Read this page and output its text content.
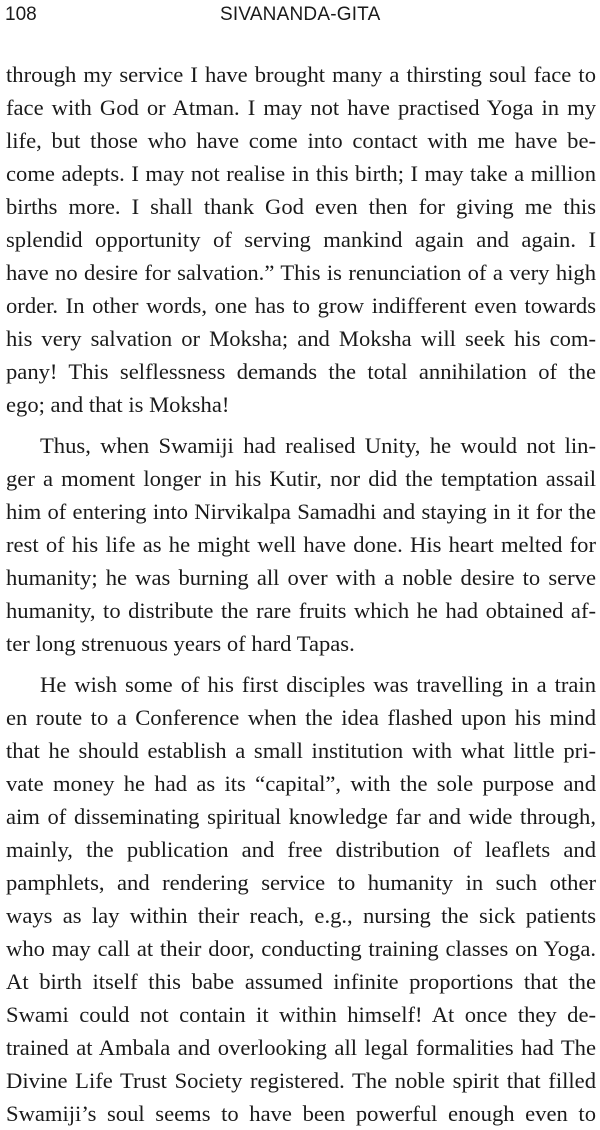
108	SIVANANDA-GITA
through my service I have brought many a thirsting soul face to
face with God or Atman. I may not have practised Yoga in my
life, but those who have come into contact with me have be-
come adepts. I may not realise in this birth; I may take a million
births more. I shall thank God even then for giving me this
splendid opportunity of serving mankind again and again. I
have no desire for salvation.” This is renunciation of a very high
order. In other words, one has to grow indifferent even towards
his very salvation or Moksha; and Moksha will seek his com-
pany! This selflessness demands the total annihilation of the
ego; and that is Moksha!
Thus, when Swamiji had realised Unity, he would not lin-
ger a moment longer in his Kutir, nor did the temptation assail
him of entering into Nirvikalpa Samadhi and staying in it for the
rest of his life as he might well have done. His heart melted for
humanity; he was burning all over with a noble desire to serve
humanity, to distribute the rare fruits which he had obtained af-
ter long strenuous years of hard Tapas.
He wish some of his first disciples was travelling in a train
en route to a Conference when the idea flashed upon his mind
that he should establish a small institution with what little pri-
vate money he had as its “capital”, with the sole purpose and
aim of disseminating spiritual knowledge far and wide through,
mainly, the publication and free distribution of leaflets and
pamphlets, and rendering service to humanity in such other
ways as lay within their reach, e.g., nursing the sick patients
who may call at their door, conducting training classes on Yoga.
At birth itself this babe assumed infinite proportions that the
Swami could not contain it within himself! At once they de-
trained at Ambala and overlooking all legal formalities had The
Divine Life Trust Society registered. The noble spirit that filled
Swamiji’s soul seems to have been powerful enough even to
